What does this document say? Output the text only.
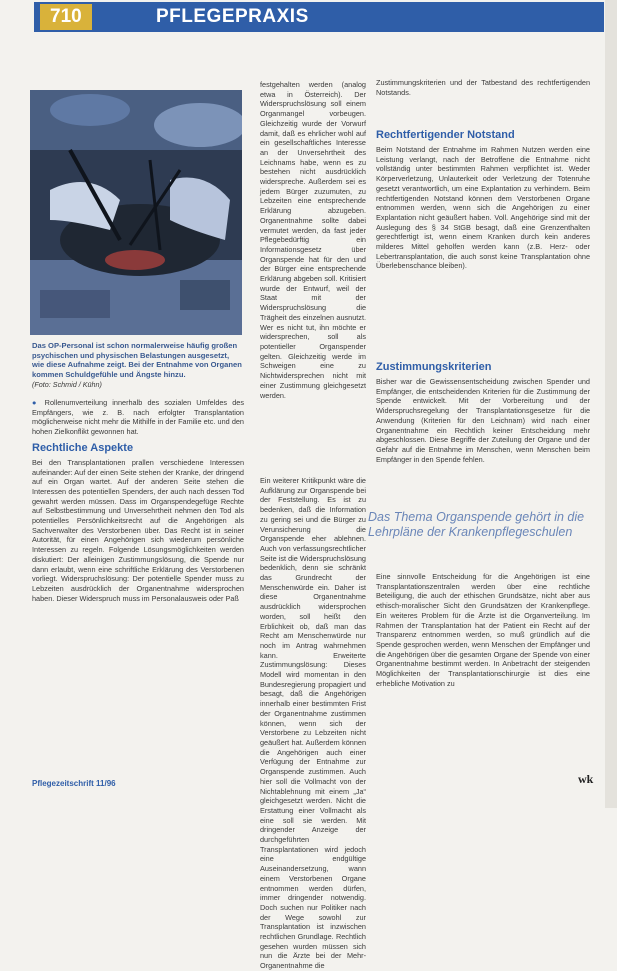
710	PFLEGEPRAXIS
Das OP-Personal ist schon normalerweise häufig großen psychischen und physischen Belastungen ausgesetzt, wie diese Aufnahme zeigt. Bei der Entnahme von Organen kommen Schuldgefühle und Ängste hinzu.
(Foto: Schmid / Kühn)

● Rollenumverteilung innerhalb des sozialen Umfeldes des Empfängers, wie z. B. nach erfolgter Transplantation möglicherweise nicht mehr die Mithilfe in der Familie etc. und den hohen Zielkonflikt gewonnen hat.

Rechtliche Aspekte

Bei den Transplantationen prallen verschiedene Interessen aufeinander: Auf der einen Seite stehen der Kranke, der dringend auf ein Organ wartet. Auf der anderen Seite stehen die Interessen des potentiellen Spenders, der auch nach dessen Tod gewahrt werden müssen. Dass im Organspendegefüge Rechte auf Selbstbestimmung und Unversehrtheit nehmen den Tod als potentielles Persönlichkeitsrecht auf die Angehörigen als Sachverwalter des Verstorbenen über. Das Recht ist in seiner Autorität, für einen Angehörigen sich wiederum persönliche Interessen zu regeln. Folgende Lösungsmöglichkeiten werden diskutiert: Der alleinigen Zustimmungslösung, die Spende nur dann erlaubt, wenn eine schriftliche Erklärung des Verstorbenen vorliegt. Widerspruchslösung: Der potentielle Spender muss zu Lebzeiten ausdrücklich der Organentnahme widersprochen haben. Dieser Widerspruch muss im Personalausweis oder Paß

festgehalten werden (analog etwa in Österreich). Der Widerspruchslösung soll einem Organmangel vorbeugen. Gleichzeitig wurde der Vorwurf damit, daß es ehrlicher wohl auf ein gesellschaftliches Interesse an der Unversehrtheit des Leichnams habe, wenn es zu bestehen nicht ausdrücklich widerspreche. Außerdem sei es jedem Bürger zuzumuten, zu Lebzeiten eine entsprechende Erklärung abzugeben. Organentnahme sollte dabei vermutet werden, da fast jeder Pflegebedürftig ein Informationsgesetz über Organspende hat für den und der Bürger eine entsprechende Erklärung abgeben soll. Kritisiert wurde der Entwurf, weil der Staat mit der Widerspruchslösung die Trägheit des einzelnen ausnutzt. Wer es nicht tut, ihn möchte er widersprechen, soll als potentieller Organspender gelten. Gleichzeitig werde im Schweigen eine zu Nichtwidersprechen nicht mit einer Zustimmung gleichgesetzt werden.

Ein weiterer Kritikpunkt wäre die Aufklärung zur Organspende bei der Feststellung. Es ist zu bedenken, daß die Information zu gering sei und die Bürger zu Verunsicherung die Organspende eher ablehnen. Auch von verfassungsrechtlicher Seite ist die Widerspruchslösung bedenklich, denn sie schränkt das Grundrecht der Menschenwürde ein. Daher ist diese Organentnahme ausdrücklich widersprochen worden, soll heißt den Erblichkeit ob, daß man das Recht am Menschenwürde nur noch im Antrag wahrnehmen kann. Erweiterte Zustimmungslösung: Dieses Modell wird momentan in den Bundesregierung propagiert und besagt, daß die Angehörigen innerhalb einer bestimmten Frist der Organentnahme zustimmen können, wenn sich der Verstorbene zu Lebzeiten nicht geäußert hat. Außerdem können die Angehörigen auch einer Verfügung der Entnahme zur Organspende zustimmen. Auch hier soll die Vollmacht von der Nichtablehnung mit einem „Ja“ gleichgesetzt werden. Nicht die Erstattung einer Vollmacht als eine soll sie werden. Mit dringender Anzeige der durchgeführten Transplantationen wird jedoch eine endgültige Auseinandersetzung, wann einem Verstorbenen Organe entnommen werden dürfen, immer dringender notwendig. Doch suchen nur Politiker nach der Wege sowohl zur Transplantation ist inzwischen rechtlichen Grundlage. Rechtlich gesehen wurden müssen sich nun die Ärzte bei der Mehr-Organentnahme die

Zustimmungskriterien und der Tatbestand des rechtfertigenden Notstands.
Rechtfertigender Notstand

Beim Notstand der Entnahme im Rahmen Nutzen werden eine Leistung verlangt, nach der Betroffene die Entnahme nicht vollständig unter bestimmten Rahmen verpflichtet ist. Weder Körperverletzung, Unlauterkeit oder Verletzung der Totenruhe gesetzt verantwortlich, um eine Explantation zu verhindern. Beim rechtfertigenden Notstand können dem Verstorbenen Organe entnommen werden, wenn sich die Angehörigen zu einer Explantation nicht geäußert haben. Voll. Angehörige sind mit der Auslegung des § 34 StGB besagt, daß eine Grenzenthalten gerechtfertigt ist, wenn einem Kranken durch kein anderes milderes Mittel geholfen werden kann (z.B. Herz- oder Lebertransplantation, die auch sonst keine Transplantation ohne Überlebenschance bleiben).

Zustimmungskriterien

Bisher war die Gewissensentscheidung zwischen Spender und Empfänger, die entscheidenden Kriterien für die Zustimmung der Spende entwickelt. Mit der Vorbereitung und der Widerspruchsregelung der Transplantationsgesetze für die Anwendung (Kriterien für den Leichnam) wird nach einer Organentnahme ein Rechtlich keiner Entscheidung mehr abgeschlossen. Diese Begriffe der Zuteilung der Organe und der Gefahr auf die Entnahme im Menschen, wenn Menschen beim Empfänger in den Spende fehlen.

Das Thema Organspende gehört in die Lehrpläne der Krankenpflegeschulen

Eine sinnvolle Entscheidung für die Angehörigen ist eine Transplantationszentralen werden über eine rechtliche Beteiligung, die auch der ethischen Grundsätze, nicht aber aus ethisch-moralischer Sicht den Grundsätzen der Krankenpflege. Ein weiteres Problem für die Ärzte ist die Organverteilung. Im Rahmen der Transplantation hat der Patient ein Recht auf der Transparenz entnommen werden, so muß gründlich auf die Spende gesprochen werden, wenn Menschen der Empfänger und die Angehörigen über die gesamten Organe der Spende von einer Organentnahme bestimmt werden. In Anbetracht der steigenden Möglichkeiten der Transplantationschirurgie ist dies eine erhebliche Motivation zu

Pflegezeitschrift 11/96	wk
